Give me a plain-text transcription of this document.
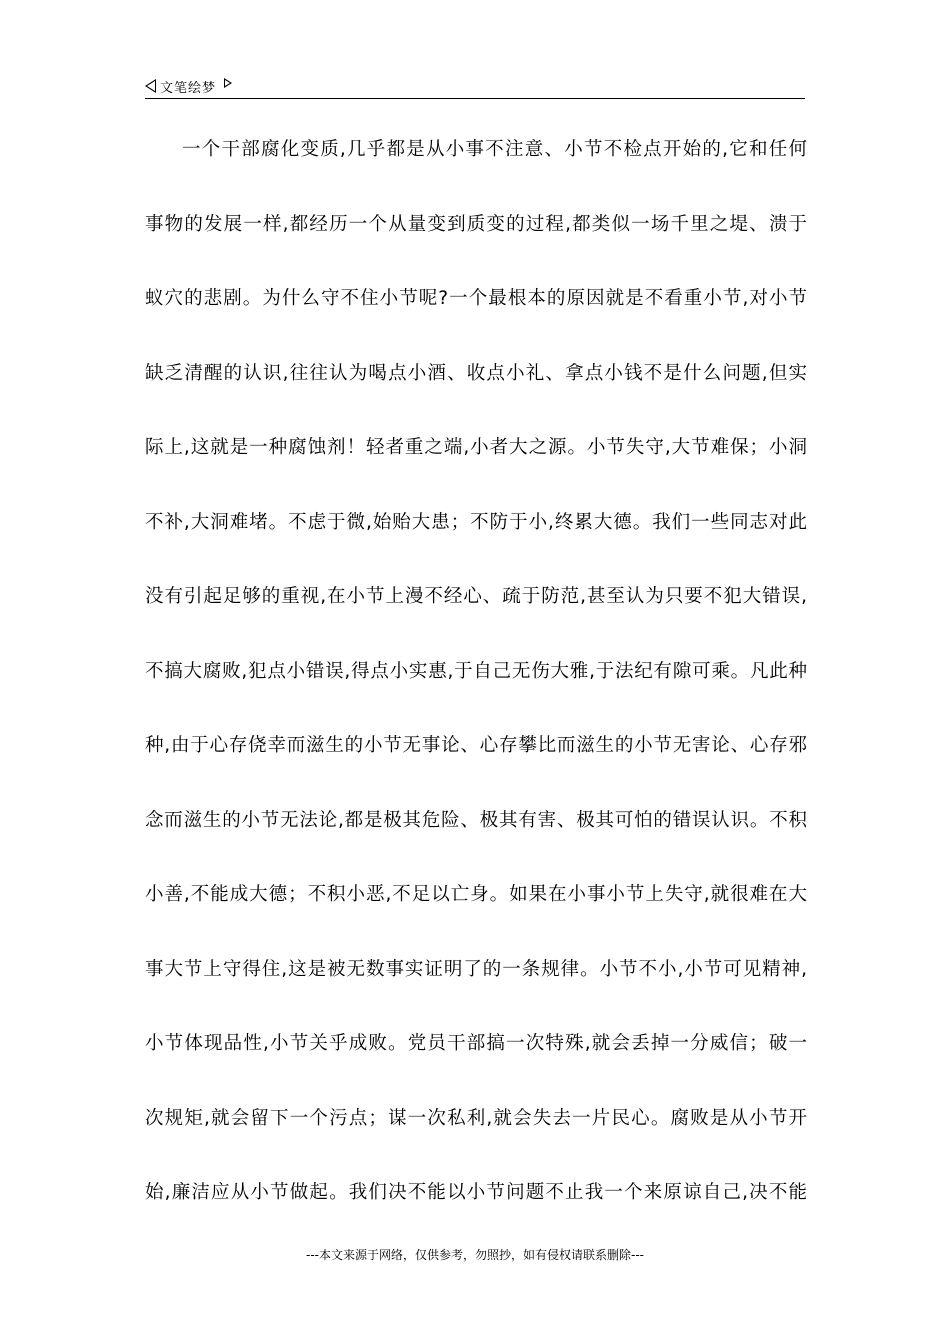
文笔绘梦
一个干部腐化变质,几乎都是从小事不注意、小节不检点开始的,它和任何
事物的发展一样,都经历一个从量变到质变的过程,都类似一场千里之堤、溃于
蚁穴的悲剧。为什么守不住小节呢?一个最根本的原因就是不看重小节,对小节
缺乏清醒的认识,往往认为喝点小酒、收点小礼、拿点小钱不是什么问题,但实
际上,这就是一种腐蚀剂！轻者重之端,小者大之源。小节失守,大节难保；小洞
不补,大洞难堵。不虑于微,始贻大患；不防于小,终累大德。我们一些同志对此
没有引起足够的重视,在小节上漫不经心、疏于防范,甚至认为只要不犯大错误,
不搞大腐败,犯点小错误,得点小实惠,于自己无伤大雅,于法纪有隙可乘。凡此种
种,由于心存侥幸而滋生的小节无事论、心存攀比而滋生的小节无害论、心存邪
念而滋生的小节无法论,都是极其危险、极其有害、极其可怕的错误认识。不积
小善,不能成大德；不积小恶,不足以亡身。如果在小事小节上失守,就很难在大
事大节上守得住,这是被无数事实证明了的一条规律。小节不小,小节可见精神,
小节体现品性,小节关乎成败。党员干部搞一次特殊,就会丢掉一分威信；破一
次规矩,就会留下一个污点；谋一次私利,就会失去一片民心。腐败是从小节开
始,廉洁应从小节做起。我们决不能以小节问题不止我一个来原谅自己,决不能
---本文来源于网络，仅供参考，勿照抄，如有侵权请联系删除---
